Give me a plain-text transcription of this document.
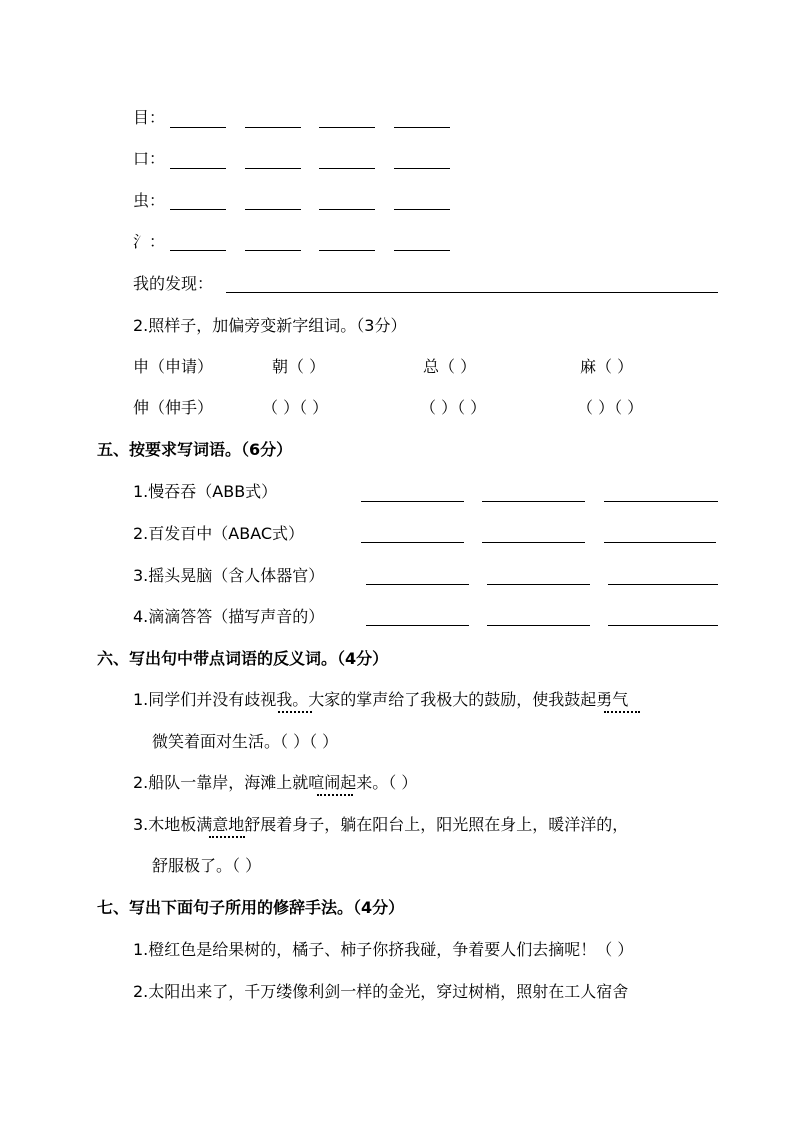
目：
口：
虫：
氵：
我的发现：
2.照样子，加偏旁变新字组词。（3分）
申（申请）	朝（ ）	总（ ）	麻（ ）
伸（伸手）	（ ）（ ）	（ ）（ ）	（ ）（ ）
五、按要求写词语。（6分）
1.慢吞吞（ABB式）
2.百发百中（ABAC式）
3.摇头晃脑（含人体器官）
4.滴滴答答（描写声音的）
六、写出句中带点词语的反义词。（4分）
1.同学们并没有歧视我。大家的掌声给了我极大的鼓励，使我鼓起勇气
微笑着面对生活。（ ）（ ）
2.船队一靠岸，海滩上就喧闹起来。（ ）
3.木地板满意地舒展着身子，躺在阳台上，阳光照在身上，暖洋洋的，
舒服极了。（ ）
七、写出下面句子所用的修辞手法。（4分）
1.橙红色是给果树的，橘子、柿子你挤我碰，争着要人们去摘呢！（ ）
2.太阳出来了，千万缕像利剑一样的金光，穿过树梢，照射在工人宿舍
